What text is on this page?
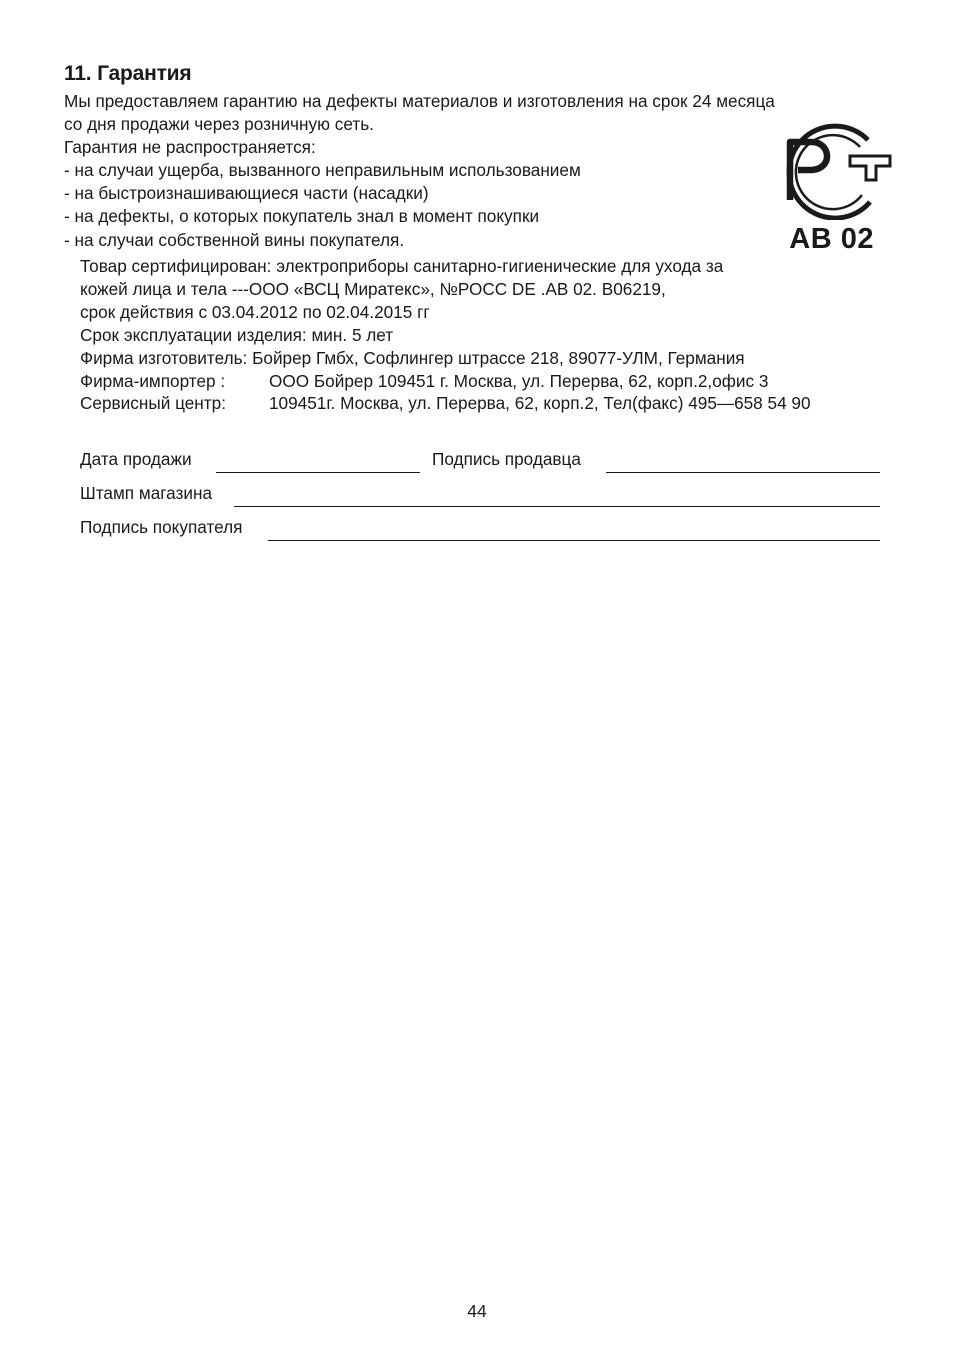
11. Гарантия
Мы предоставляем гарантию на дефекты материалов и изготовления на срок 24 месяца
со дня продажи через розничную сеть.
Гарантия не распространяется:
- на случаи ущерба, вызванного неправильным использованием
- на быстроизнашивающиеся части (насадки)
- на дефекты, о которых покупатель знал в момент покупки
- на случаи собственной вины покупателя.	AB 02
Товар сертифицирован: электроприборы санитарно-гигиенические для ухода за
кожей лица и тела ---ООО «ВСЦ Миратекс», №РОСС DE .АВ 02. В06219,
срок действия с 03.04.2012 по 02.04.2015 гг
Срок эксплуатации изделия: мин. 5 лет
Фирма изготовитель: Бойрер Гмбх, Софлингер штрассе 218, 89077-УЛМ, Германия
Фирма-импортер :	ООО Бойрер 109451 г. Москва, ул. Перерва, 62, корп.2,офис 3
Сервисный центр:	109451г. Москва, ул. Перерва, 62, корп.2, Тел(факс) 495—658 54 90
Дата продажи	Подпись продавца
Штамп магазина
Подпись покупателя
44
